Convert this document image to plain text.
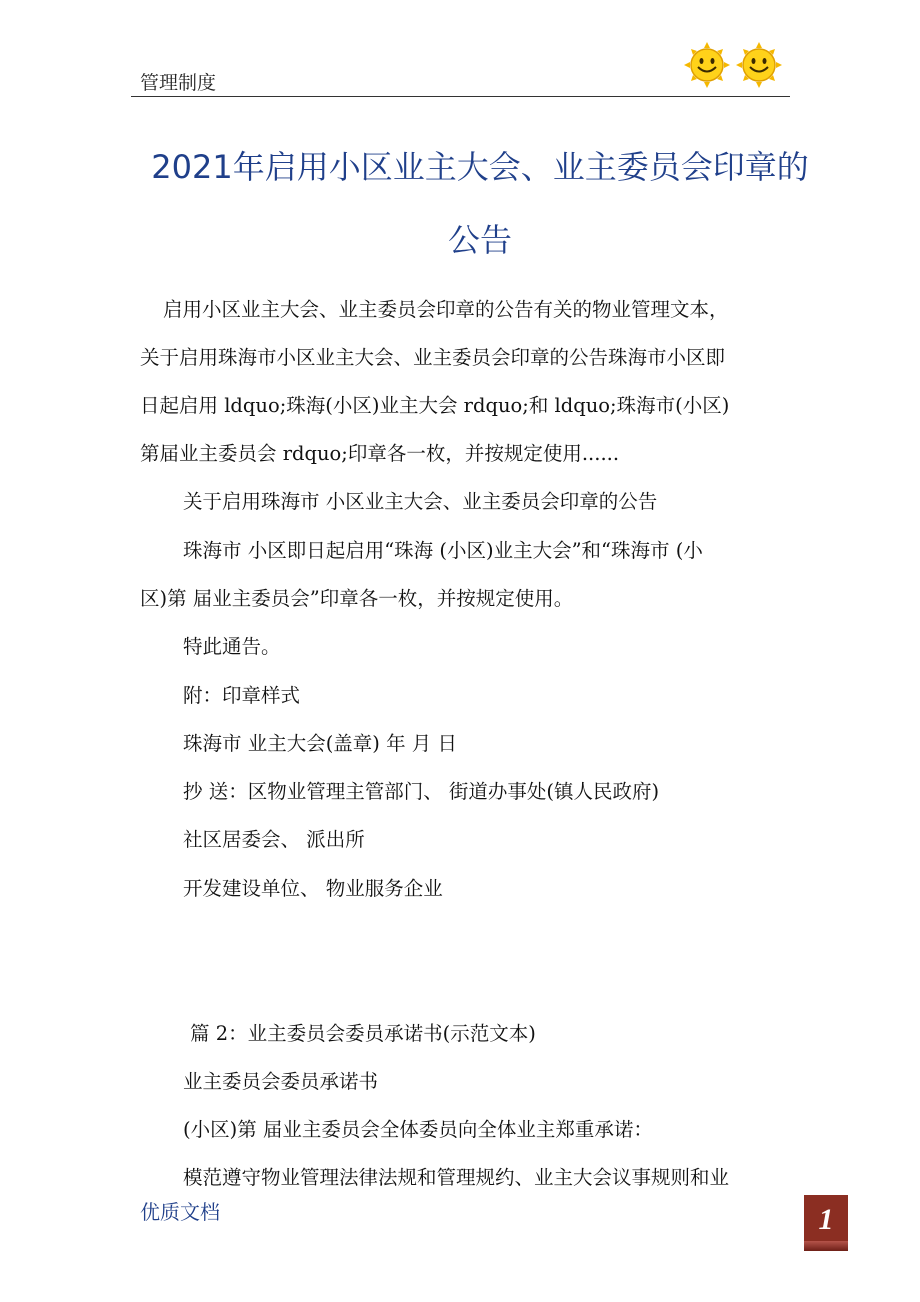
管理制度
2021年启用小区业主大会、业主委员会印章的
公告
启用小区业主大会、业主委员会印章的公告有关的物业管理文本，
关于启用珠海市小区业主大会、业主委员会印章的公告珠海市小区即
日起启用 ldquo;珠海(小区)业主大会 rdquo;和 ldquo;珠海市(小区)
第届业主委员会 rdquo;印章各一枚，并按规定使用......
关于启用珠海市 小区业主大会、业主委员会印章的公告
珠海市 小区即日起启用“珠海 (小区)业主大会”和“珠海市 (小
区)第 届业主委员会”印章各一枚，并按规定使用。
特此通告。
附：印章样式
珠海市 业主大会(盖章) 年 月 日
抄 送：区物业管理主管部门、 街道办事处(镇人民政府)
社区居委会、 派出所
开发建设单位、 物业服务企业
篇 2：业主委员会委员承诺书(示范文本)
业主委员会委员承诺书
(小区)第 届业主委员会全体委员向全体业主郑重承诺：
模范遵守物业管理法律法规和管理规约、业主大会议事规则和业
优质文档	1
